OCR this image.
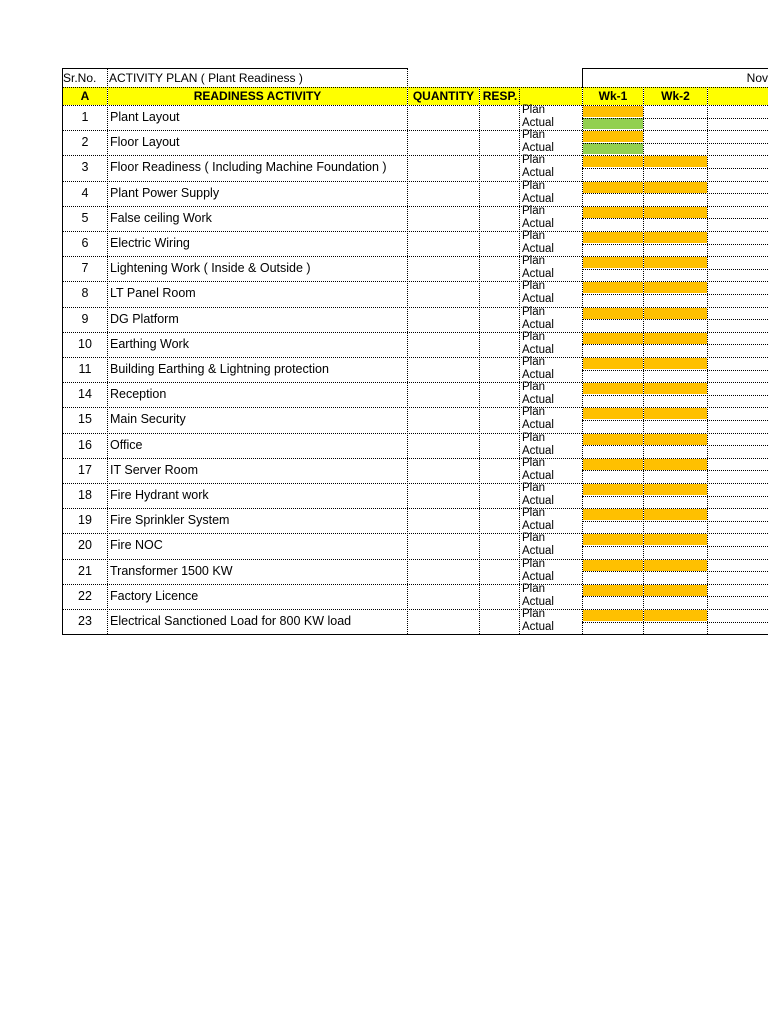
Sr.No.	ACTIVITY PLAN ( Plant Readiness )	Nov
A	READINESS ACTIVITY	QUANTITY RESP.	Wk-1	Wk-2
1	Plant Layout	Plan
Actual
2	Floor Layout	Plan
Actual
3	Floor Readiness ( Including Machine Foundation )	Plan
Actual
4	Plant Power Supply	Plan
Actual
5	False ceiling Work	Plan
Actual
6	Electric Wiring	Plan
Actual
7	Lightening Work ( Inside & Outside )	Plan
Actual
8	LT Panel Room	Plan
Actual
9	DG Platform	Plan
Actual
10	Earthing Work	Plan
Actual
11	Building Earthing & Lightning protection	Plan
Actual
14	Reception	Plan
Actual
15	Main Security	Plan
Actual
16	Office	Plan
Actual
17	IT Server Room	Plan
Actual
18	Fire Hydrant work	Plan
Actual
19	Fire Sprinkler System	Plan
Actual
20	Fire NOC	Plan
Actual
21	Transformer 1500 KW	Plan
Actual
22	Factory Licence	Plan
Actual
23	Electrical Sanctioned Load for 800 KW load	Plan
Actual
